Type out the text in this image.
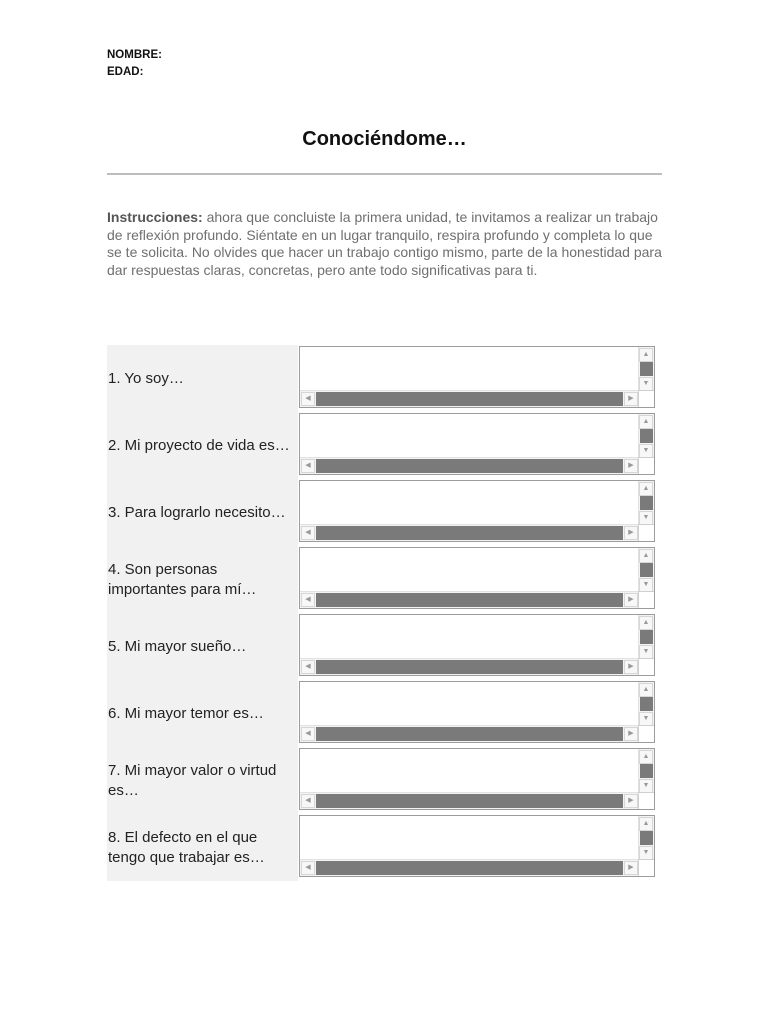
NOMBRE:
EDAD:
Conociéndome…
Instrucciones: ahora que concluiste la primera unidad, te invitamos a realizar un trabajo de reflexión profundo. Siéntate en un lugar tranquilo, respira profundo y completa lo que se te solicita. No olvides que hacer un trabajo contigo mismo, parte de la honestidad para dar respuestas claras, concretas, pero ante todo significativas para ti.
1. Yo soy…
▲
▼
◀	▶
2. Mi proyecto de vida es…
▲
▼
◀	▶
3. Para lograrlo necesito…
▲
▼
◀	▶
4. Son personas importantes para mí…
▲
▼
◀	▶
5. Mi mayor sueño…
▲
▼
◀	▶
6. Mi mayor temor es…
▲
▼
◀	▶
7. Mi mayor valor o virtud es…
▲
▼
◀	▶
8. El defecto en el que tengo que trabajar es…
▲
▼
◀	▶
